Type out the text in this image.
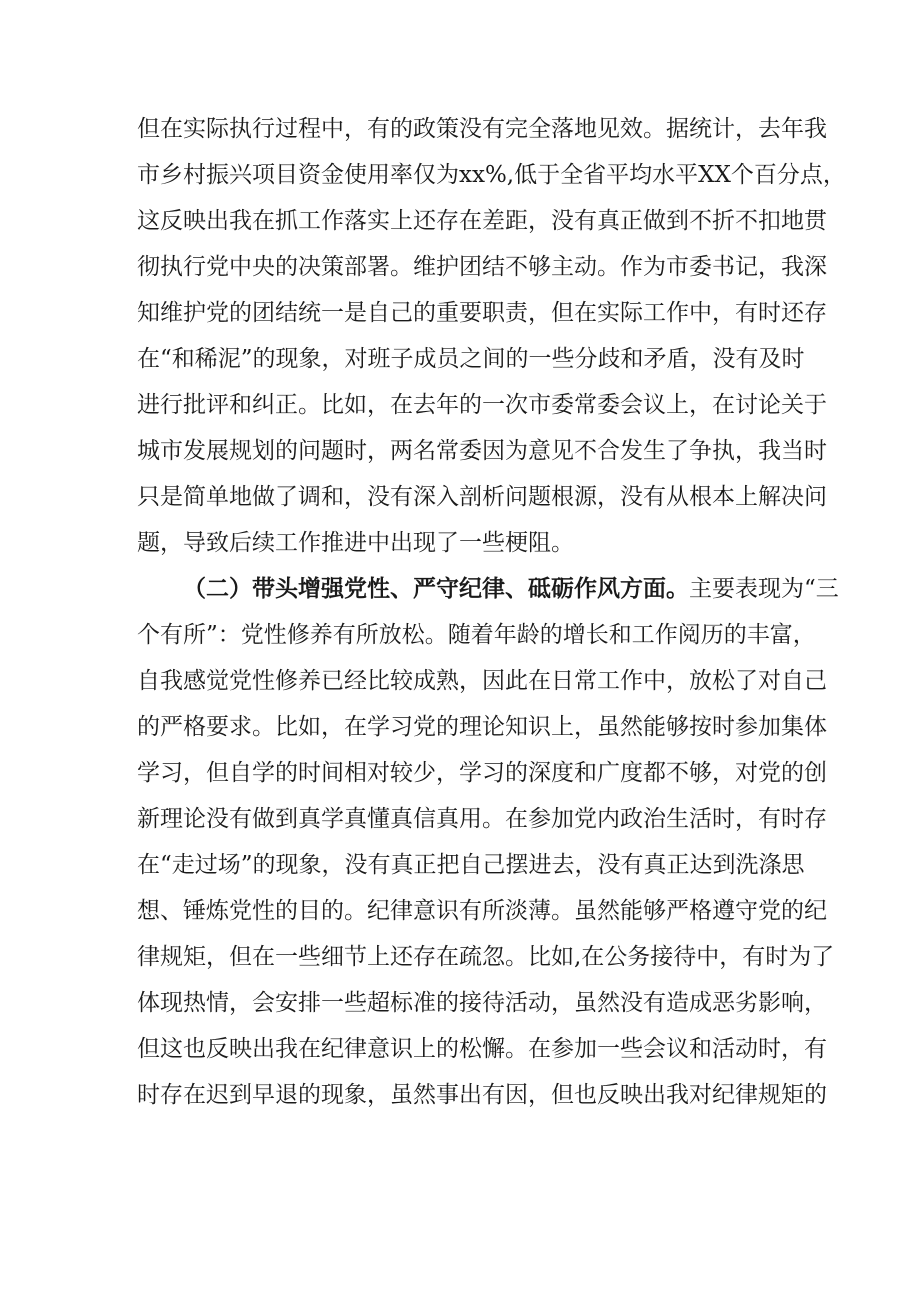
但在实际执行过程中，有的政策没有完全落地见效。据统计，去年我
市乡村振兴项目资金使用率仅为xx%,低于全省平均水平XX个百分点，
这反映出我在抓工作落实上还存在差距，没有真正做到不折不扣地贯
彻执行党中央的决策部署。维护团结不够主动。作为市委书记，我深
知维护党的团结统一是自己的重要职责，但在实际工作中，有时还存
在“和稀泥”的现象，对班子成员之间的一些分歧和矛盾，没有及时
进行批评和纠正。比如，在去年的一次市委常委会议上，在讨论关于
城市发展规划的问题时，两名常委因为意见不合发生了争执，我当时
只是简单地做了调和，没有深入剖析问题根源，没有从根本上解决问
题，导致后续工作推进中出现了一些梗阻。
（二）带头增强党性、严守纪律、砥砺作风方面。主要表现为“三
个有所”：党性修养有所放松。随着年龄的增长和工作阅历的丰富，
自我感觉党性修养已经比较成熟，因此在日常工作中，放松了对自己
的严格要求。比如，在学习党的理论知识上，虽然能够按时参加集体
学习，但自学的时间相对较少，学习的深度和广度都不够，对党的创
新理论没有做到真学真懂真信真用。在参加党内政治生活时，有时存
在“走过场”的现象，没有真正把自己摆进去，没有真正达到洗涤思
想、锤炼党性的目的。纪律意识有所淡薄。虽然能够严格遵守党的纪
律规矩，但在一些细节上还存在疏忽。比如,在公务接待中，有时为了
体现热情，会安排一些超标准的接待活动，虽然没有造成恶劣影响，
但这也反映出我在纪律意识上的松懈。在参加一些会议和活动时，有
时存在迟到早退的现象，虽然事出有因，但也反映出我对纪律规矩的
